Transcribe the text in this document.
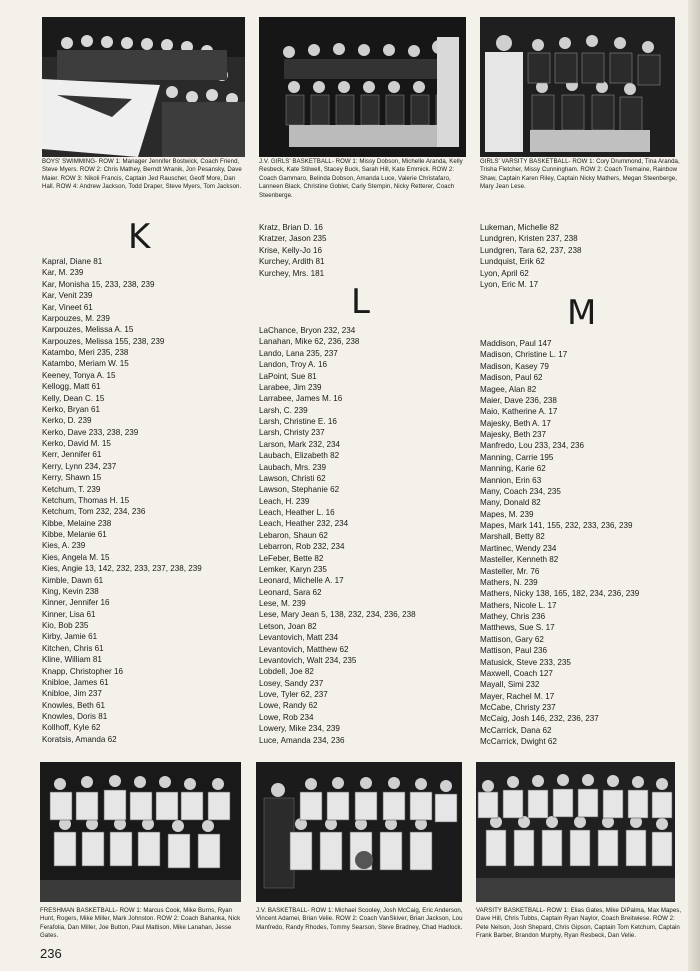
BOYS' SWIMMING- ROW 1: Manager Jennifer Bostwick, Coach Friend, Steve Myers. ROW 2: Chris Mathey, Berndt Wranik, Jon Pesansky, Dave Maier. ROW 3: Nikoli Francis, Captain Jed Rauscher, Geoff More, Dan Hall. ROW 4: Andrew Jackson, Todd Draper, Steve Myers, Tom Jackson.
J.V. GIRLS' BASKETBALL- ROW 1: Missy Dobson, Michelle Aranda, Kelly Resbeck, Kate Stilwell, Stacey Buck, Sarah Hill, Kate Emmick. ROW 2: Coach Gammaro, Belinda Dobson, Amanda Luce, Valerie Christafaro, Lanneen Black, Christine Goblet, Carly Stempin, Nicky Retterer, Coach Steenberge.
GIRLS' VARSITY BASKETBALL- ROW 1: Cory Drummond, Tina Aranda, Trisha Fletcher, Missy Cunningham. ROW 2: Coach Tremaine, Rainbow Shaw, Captain Karen Riley, Captain Nicky Mathers, Megan Steenberge, Mary Jean Lese.
K
L	M
Kapral, Diane 81
Kar, M. 239
Kar, Monisha 15, 233, 238, 239
Kar, Venit 239
Kar, Vineet 61
Karpouzes, M. 239
Karpouzes, Melissa A. 15
Karpouzes, Melissa 155, 238, 239
Katambo, Meri 235, 238
Katambo, Meriam W. 15
Keeney, Tonya A. 15
Kellogg, Matt 61
Kelly, Dean C. 15
Kerko, Bryan 61
Kerko, D. 239
Kerko, Dave 233, 238, 239
Kerko, David M. 15
Kerr, Jennifer 61
Kerry, Lynn 234, 237
Kerry, Shawn 15
Ketchum, T. 239
Ketchum, Thomas H. 15
Ketchum, Tom 232, 234, 236
Kibbe, Melaine 238
Kibbe, Melanie 61
Kies, A. 239
Kies, Angela M. 15
Kies, Angie 13, 142, 232, 233, 237, 238, 239
Kimble, Dawn 61
King, Kevin 238
Kinner, Jennifer 16
Kinner, Lisa 61
Kio, Bob 235
Kirby, Jamie 61
Kitchen, Chris 61
Kline, William 81
Knapp, Christopher 16
Knibloe, James 61
Knibloe, Jim 237
Knowles, Beth 61
Knowles, Doris 81
Kollhoff, Kyle 62
Koratsis, Amanda 62
Kratz, Brian D. 16
Kratzer, Jason 235
Krise, Kelly-Jo 16
Kurchey, Ardith 81
Kurchey, Mrs. 181
LaChance, Bryon 232, 234
Lanahan, Mike 62, 236, 238
Lando, Lana 235, 237
Landon, Troy A. 16
LaPoint, Sue 81
Larabee, Jim 239
Larrabee, James M. 16
Larsh, C. 239
Larsh, Christine E. 16
Larsh, Christy 237
Larson, Mark 232, 234
Laubach, Elizabeth 82
Laubach, Mrs. 239
Lawson, Christi 62
Lawson, Stephanie 62
Leach, H. 239
Leach, Heather L. 16
Leach, Heather 232, 234
Lebaron, Shaun 62
Lebarron, Rob 232, 234
LeFeber, Bette 82
Lemker, Karyn 235
Leonard, Michelle A. 17
Leonard, Sara 62
Lese, M. 239
Lese, Mary Jean 5, 138, 232, 234, 236, 238
Letson, Joan 82
Levantovich, Matt 234
Levantovich, Matthew 62
Levantovich, Walt 234, 235
Lobdell, Joe 82
Losey, Sandy 237
Love, Tyler 62, 237
Lowe, Randy 62
Lowe, Rob 234
Lowery, Mike 234, 239
Luce, Amanda 234, 236
Lukeman, Michelle 82
Lundgren, Kristen 237, 238
Lundgren, Tara 62, 237, 238
Lundquist, Erik 62
Lyon, April 62
Lyon, Eric M. 17
Maddison, Paul 147
Madison, Christine L. 17
Madison, Kasey 79
Madison, Paul 62
Magee, Alan 82
Maier, Dave 236, 238
Maio, Katherine A. 17
Majesky, Beth A. 17
Majesky, Beth 237
Manfredo, Lou 233, 234, 236
Manning, Carrie 195
Manning, Karie 62
Mannion, Erin 63
Many, Coach 234, 235
Many, Donald 82
Mapes, M. 239
Mapes, Mark 141, 155, 232, 233, 236, 239
Marshall, Betty 82
Martinec, Wendy 234
Masteller, Kenneth 82
Masteller, Mr. 76
Mathers, N. 239
Mathers, Nicky 138, 165, 182, 234, 236, 239
Mathers, Nicole L. 17
Mathey, Chris 236
Matthews, Sue S. 17
Mattison, Gary 62
Mattison, Paul 236
Matusick, Steve 233, 235
Maxwell, Coach 127
Mayall, Simi 232
Mayer, Rachel M. 17
McCabe, Christy 237
McCaig, Josh 146, 232, 236, 237
McCarrick, Dana 62
McCarrick, Dwight 62
FRESHMAN BASKETBALL- ROW 1: Marcus Cook, Mike Burns, Ryan Hunt, Rogers, Mike Miller, Mark Johnston. ROW 2: Coach Bahanka, Nick Ferafolia, Dan Miller, Joe Button, Paul Mattison, Mike Lanahan, Jesse Gates.
J.V. BASKETBALL- ROW 1: Michael Scooley, Josh McCaig, Eric Anderson, Vincent Adamei, Brian Velie. ROW 2: Coach VanSkiver, Brian Jackson, Lou Manfredo, Randy Rhodes, Tommy Searson, Steve Bradney, Chad Hadlock.
VARSITY BASKETBALL- ROW 1: Elias Gates, Mike DiPalma, Max Mapes, Dave Hill, Chris Tubbs, Captain Ryan Naylor, Coach Breitwiese. ROW 2: Pete Nelson, Josh Shepard, Chris Gipson, Captain Tom Ketchum, Captain Frank Barber, Brandon Murphy, Ryan Resbeck, Dan Velie.
236
